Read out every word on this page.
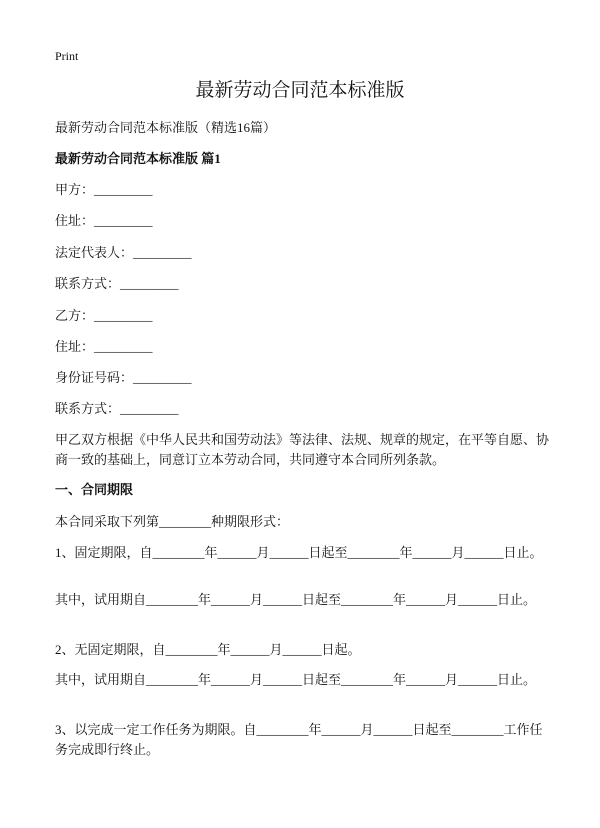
Print
最新劳动合同范本标准版
最新劳动合同范本标准版（精选16篇）
最新劳动合同范本标准版 篇1
甲方：_________
住址：_________
法定代表人：_________
联系方式：_________
乙方：_________
住址：_________
身份证号码：_________
联系方式：_________
甲乙双方根据《中华人民共和国劳动法》等法律、法规、规章的规定，在平等自愿、协商一致的基础上，同意订立本劳动合同，共同遵守本合同所列条款。
一、合同期限
本合同采取下列第________种期限形式：
1、固定期限，自________年______月______日起至________年______月______日止。
其中，试用期自________年______月______日起至________年______月______日止。
2、无固定期限，自________年______月______日起。
其中，试用期自________年______月______日起至________年______月______日止。
3、以完成一定工作任务为期限。自________年______月______日起至________工作任务完成即行终止。
